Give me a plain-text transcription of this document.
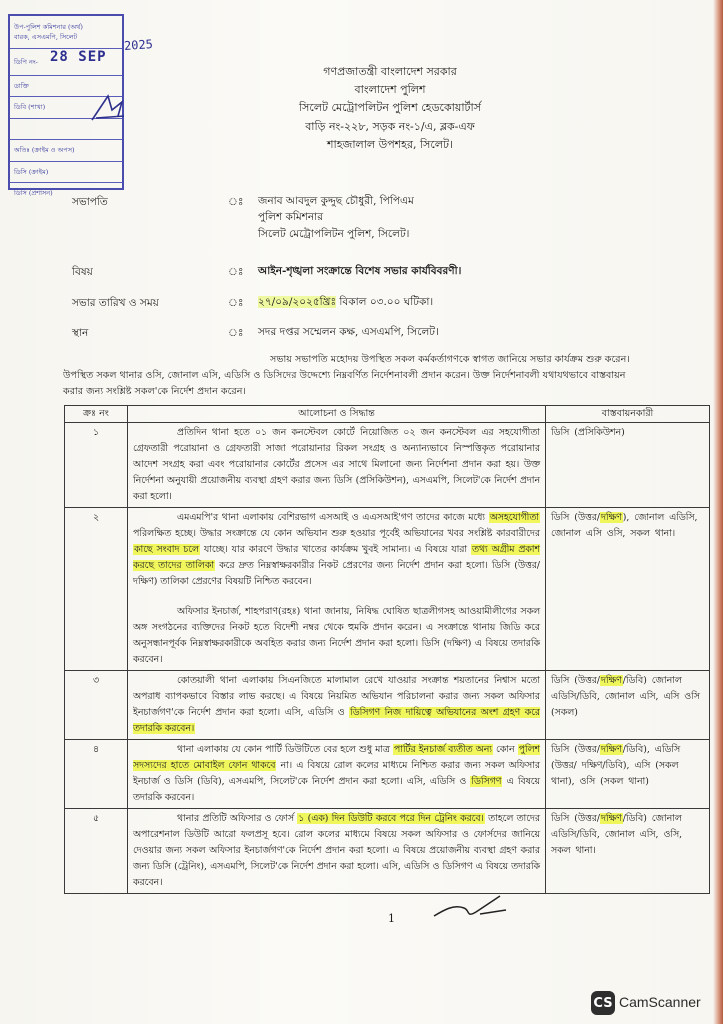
উপ-পুলিশ কমিশনার (অর্থ)
বারক, এসএমপি, সিলেট
ডিপি নং- 28 SEP
2025
ডাক্তি
ডিবি (শাখা)
অতিঃ (ক্রাইম ও অপস)
ডিসি (ক্রাইম)
ডিসি (প্রশাসন)
গণপ্রজাতন্ত্রী বাংলাদেশ সরকার
বাংলাদেশ পুলিশ
সিলেট মেট্রোপলিটন পুলিশ হেডকোয়ার্টার্স
বাড়ি নং-২২৮, সড়ক নং-১/এ, ব্লক-এফ
শাহজালাল উপশহর, সিলেট।
সভাপতি	ঃ জনাব আবদুল কুদ্দুছ চৌধুরী, পিপিএম
পুলিশ কমিশনার
সিলেট মেট্রোপলিটন পুলিশ, সিলেট।
বিষয়	ঃ আইন-শৃঙ্খলা সংক্রান্তে বিশেষ সভার কার্যবিবরণী।
সভার তারিখ ও সময়	ঃ ২৭/০৯/২০২৫খ্রিঃ বিকাল ০৩.০০ ঘটিকা।
স্থান	ঃ সদর দপ্তর সম্মেলন কক্ষ, এসএমপি, সিলেট।
সভায় সভাপতি মহোদয় উপস্থিত সকল কর্মকর্তাগণকে স্বাগত জানিয়ে সভার কার্যক্রম শুরু করেন।
উপস্থিত সকল থানার ওসি, জোনাল এসি, এডিসি ও ডিসিদের উদ্দেশ্যে নিম্নবর্ণিত নির্দেশনাবলী প্রদান করেন। উক্ত নির্দেশনাবলী যথাযথভাবে বাস্তবায়ন
করার জন্য সংশ্লিষ্ট সকল'কে নির্দেশ প্রদান করেন।
ক্রঃ নং	আলোচনা ও সিদ্ধান্ত	বাস্তবায়নকারী
১	প্রতিদিন থানা হতে ০১ জন কনস্টেবল কোর্টে নিয়োজিত ০২ জন কনস্টেবল এর সহযোগীতা গ্রেফতারী পরোয়ানা ও গ্রেফতারী সাজা পরোয়ানার রিকল সংগ্রহ ও অন্যান্যভাবে নিস্পত্তিকৃত পরোয়ানার আদেশ সংগ্রহ করা এবং পরোয়ানার কোর্টের প্রসেস এর সাথে মিলানো জন্য নির্দেশনা প্রদান করা হয়। উক্ত নির্দেশনা অনুযায়ী প্রয়োজনীয় ব্যবস্থা গ্রহণ করার জন্য ডিসি (প্রসিকিউশন), এসএমপি, সিলেট'কে নির্দেশ প্রদান করা হলো।	ডিসি (প্রসিকিউশন)
২	এমএমপি'র থানা এলাকায় বেশিরভাগ এসআই ও এএসআই'গণ তাদের কাজে মধ্যে অসহযোগীতা পরিলক্ষিত হচ্ছে। উদ্ধার সংক্রান্তে যে কোন অভিযান শুরু হওয়ার পূর্বেই অভিযানের খবর সংশ্লিষ্ট কারবারীদের কাছে সংবাদ চলে যাচ্ছে। যার কারণে উদ্ধার খাতের কার্যক্রম খুবই সামান্য। এ বিষয়ে যারা তথ্য অগ্রীম প্রকাশ করছে তাদের তালিকা করে দ্রুত নিম্নস্বাক্ষরকারীর নিকট প্রেরণের জন্য নির্দেশ প্রদান করা হলো। ডিসি (উত্তর/দক্ষিণ) তালিকা প্রেরণের বিষয়টি নিশ্চিত করবেন।

অফিসার ইনচার্জ, শাহপরাণ(রহঃ) থানা জানায়, নিষিদ্ধ ঘোষিত ছাত্রলীগসহ আওয়ামীলীগের সকল অঙ্গ সংগঠনের ব্যক্তিদের নিকট হতে বিদেশী নম্বর থেকে হুমকি প্রদান করেন। এ সংক্রান্তে থানায় জিডি করে অনুসন্ধানপূর্বক নিম্নস্বাক্ষরকারীকে অবহিত করার জন্য নির্দেশ প্রদান করা হলো। ডিসি (দক্ষিণ) এ বিষয়ে তদারকি করবেন।	ডিসি (উত্তর/দক্ষিণ), জোনাল এডিসি, জোনাল এসি ওসি, সকল থানা।
৩	কোতয়ালী থানা এলাকায় সিএনজিতে মালামাল রেখে যাওয়ার সংক্রান্ত শয়তানের নিশ্বাস মতো অপরাধ ব্যাপকভাবে বিস্তার লাভ করছে। এ বিষয়ে নিয়মিত অভিযান পরিচালনা করার জন্য সকল অফিসার ইনচার্জগণ'কে নির্দেশ প্রদান করা হলো। এসি, এডিসি ও ডিসিগণ নিজ দায়িত্বে অভিযানের অংশ গ্রহণ করে তদারকি করবেন।	ডিসি (উত্তর/দক্ষিণ/ডিবি) জোনাল এডিসি/ডিবি, জোনাল এসি, এসি ওসি (সকল)
৪	থানা এলাকায় যে কোন পার্টি ডিউটিতে বের হলে শুধু মাত্র পার্টির ইনচার্জ ব্যতীত অন্য কোন পুলিশ সদস্যদের হাতে মোবাইল ফোন থাকবে না। এ বিষয়ে রোল কলের মাধ্যমে নিশ্চিত করার জন্য সকল অফিসার ইনচার্জ ও ডিসি (ডিবি), এসএমপি, সিলেট'কে নির্দেশ প্রদান করা হলো। এসি, এডিসি ও ডিসিগণ এ বিষয়ে তদারকি করবেন।	ডিসি (উত্তর/দক্ষিণ/ডিবি), এডিসি (উত্তর/ দক্ষিণ/ডিবি), এসি (সকল থানা), ওসি (সকল থানা)
৫	থানার প্রতিটি অফিসার ও ফোর্স ১ (এক) দিন ডিউটি করবে পরে দিন ট্রেনিং করবে। তাহলে তাদের অপারেশনাল ডিউটি আরো ফলপ্রসূ হবে। রোল কলের মাধ্যমে বিষয়ে সকল অফিসার ও ফোর্সদের জানিয়ে দেওয়ার জন্য সকল অফিসার ইনচার্জগণ'কে নির্দেশ প্রদান করা হলো। এ বিষয়ে প্রয়োজনীয় ব্যবস্থা গ্রহণ করার জন্য ডিসি (ট্রেনিং), এসএমপি, সিলেট'কে নির্দেশ প্রদান করা হলো। এসি, এডিসি ও ডিসিগণ এ বিষয়ে তদারকি করবেন।	ডিসি (উত্তর/দক্ষিণ/ডিবি) জোনাল এডিসি/ডিবি, জোনাল এসি, ওসি, সকল থানা।
1
CS CamScanner
